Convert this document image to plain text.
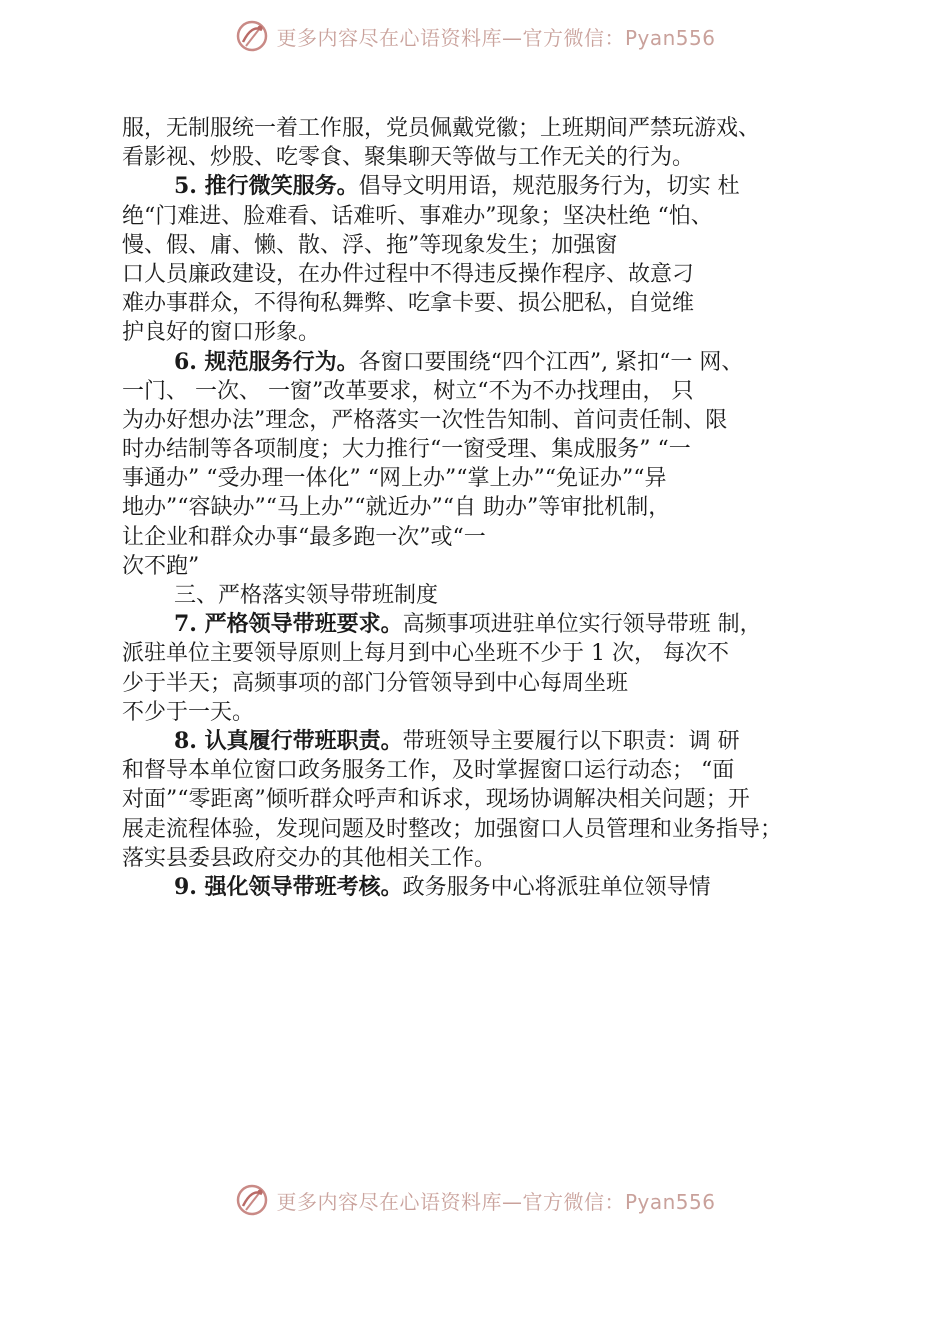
更多内容尽在心语资料库—官方微信：Pyan556
服，无制服统一着工作服，党员佩戴党徽；上班期间严禁玩游戏、
看影视、炒股、吃零食、聚集聊天等做与工作无关的行为。
5. 推行微笑服务。倡导文明用语，规范服务行为，切实 杜
绝“门难进、脸难看、话难听、事难办”现象；坚决杜绝 “怕、
慢、假、庸、懒、散、浮、拖”等现象发生；加强窗
口人员廉政建设，在办件过程中不得违反操作程序、故意刁
难办事群众，不得徇私舞弊、吃拿卡要、损公肥私，自觉维
护良好的窗口形象。
6. 规范服务行为。各窗口要围绕“四个江西”, 紧扣“一 网、
一门、 一次、 一窗”改革要求，树立“不为不办找理由， 只
为办好想办法”理念，严格落实一次性告知制、首问责任制、限
时办结制等各项制度；大力推行“一窗受理、集成服务” “一
事通办” “受办理一体化” “网上办”“掌上办”“免证办”“异
地办”“容缺办”“马上办”“就近办”“自 助办”等审批机制，
让企业和群众办事“最多跑一次”或“一
次不跑”
三、严格落实领导带班制度
7. 严格领导带班要求。高频事项进驻单位实行领导带班 制，
派驻单位主要领导原则上每月到中心坐班不少于 1 次， 每次不
少于半天；高频事项的部门分管领导到中心每周坐班
不少于一天。
8. 认真履行带班职责。带班领导主要履行以下职责：调 研
和督导本单位窗口政务服务工作，及时掌握窗口运行动态； “面
对面”“零距离”倾听群众呼声和诉求，现场协调解决相关问题；开
展走流程体验，发现问题及时整改；加强窗口人员管理和业务指导；
落实县委县政府交办的其他相关工作。
9. 强化领导带班考核。政务服务中心将派驻单位领导情
更多内容尽在心语资料库—官方微信：Pyan556
